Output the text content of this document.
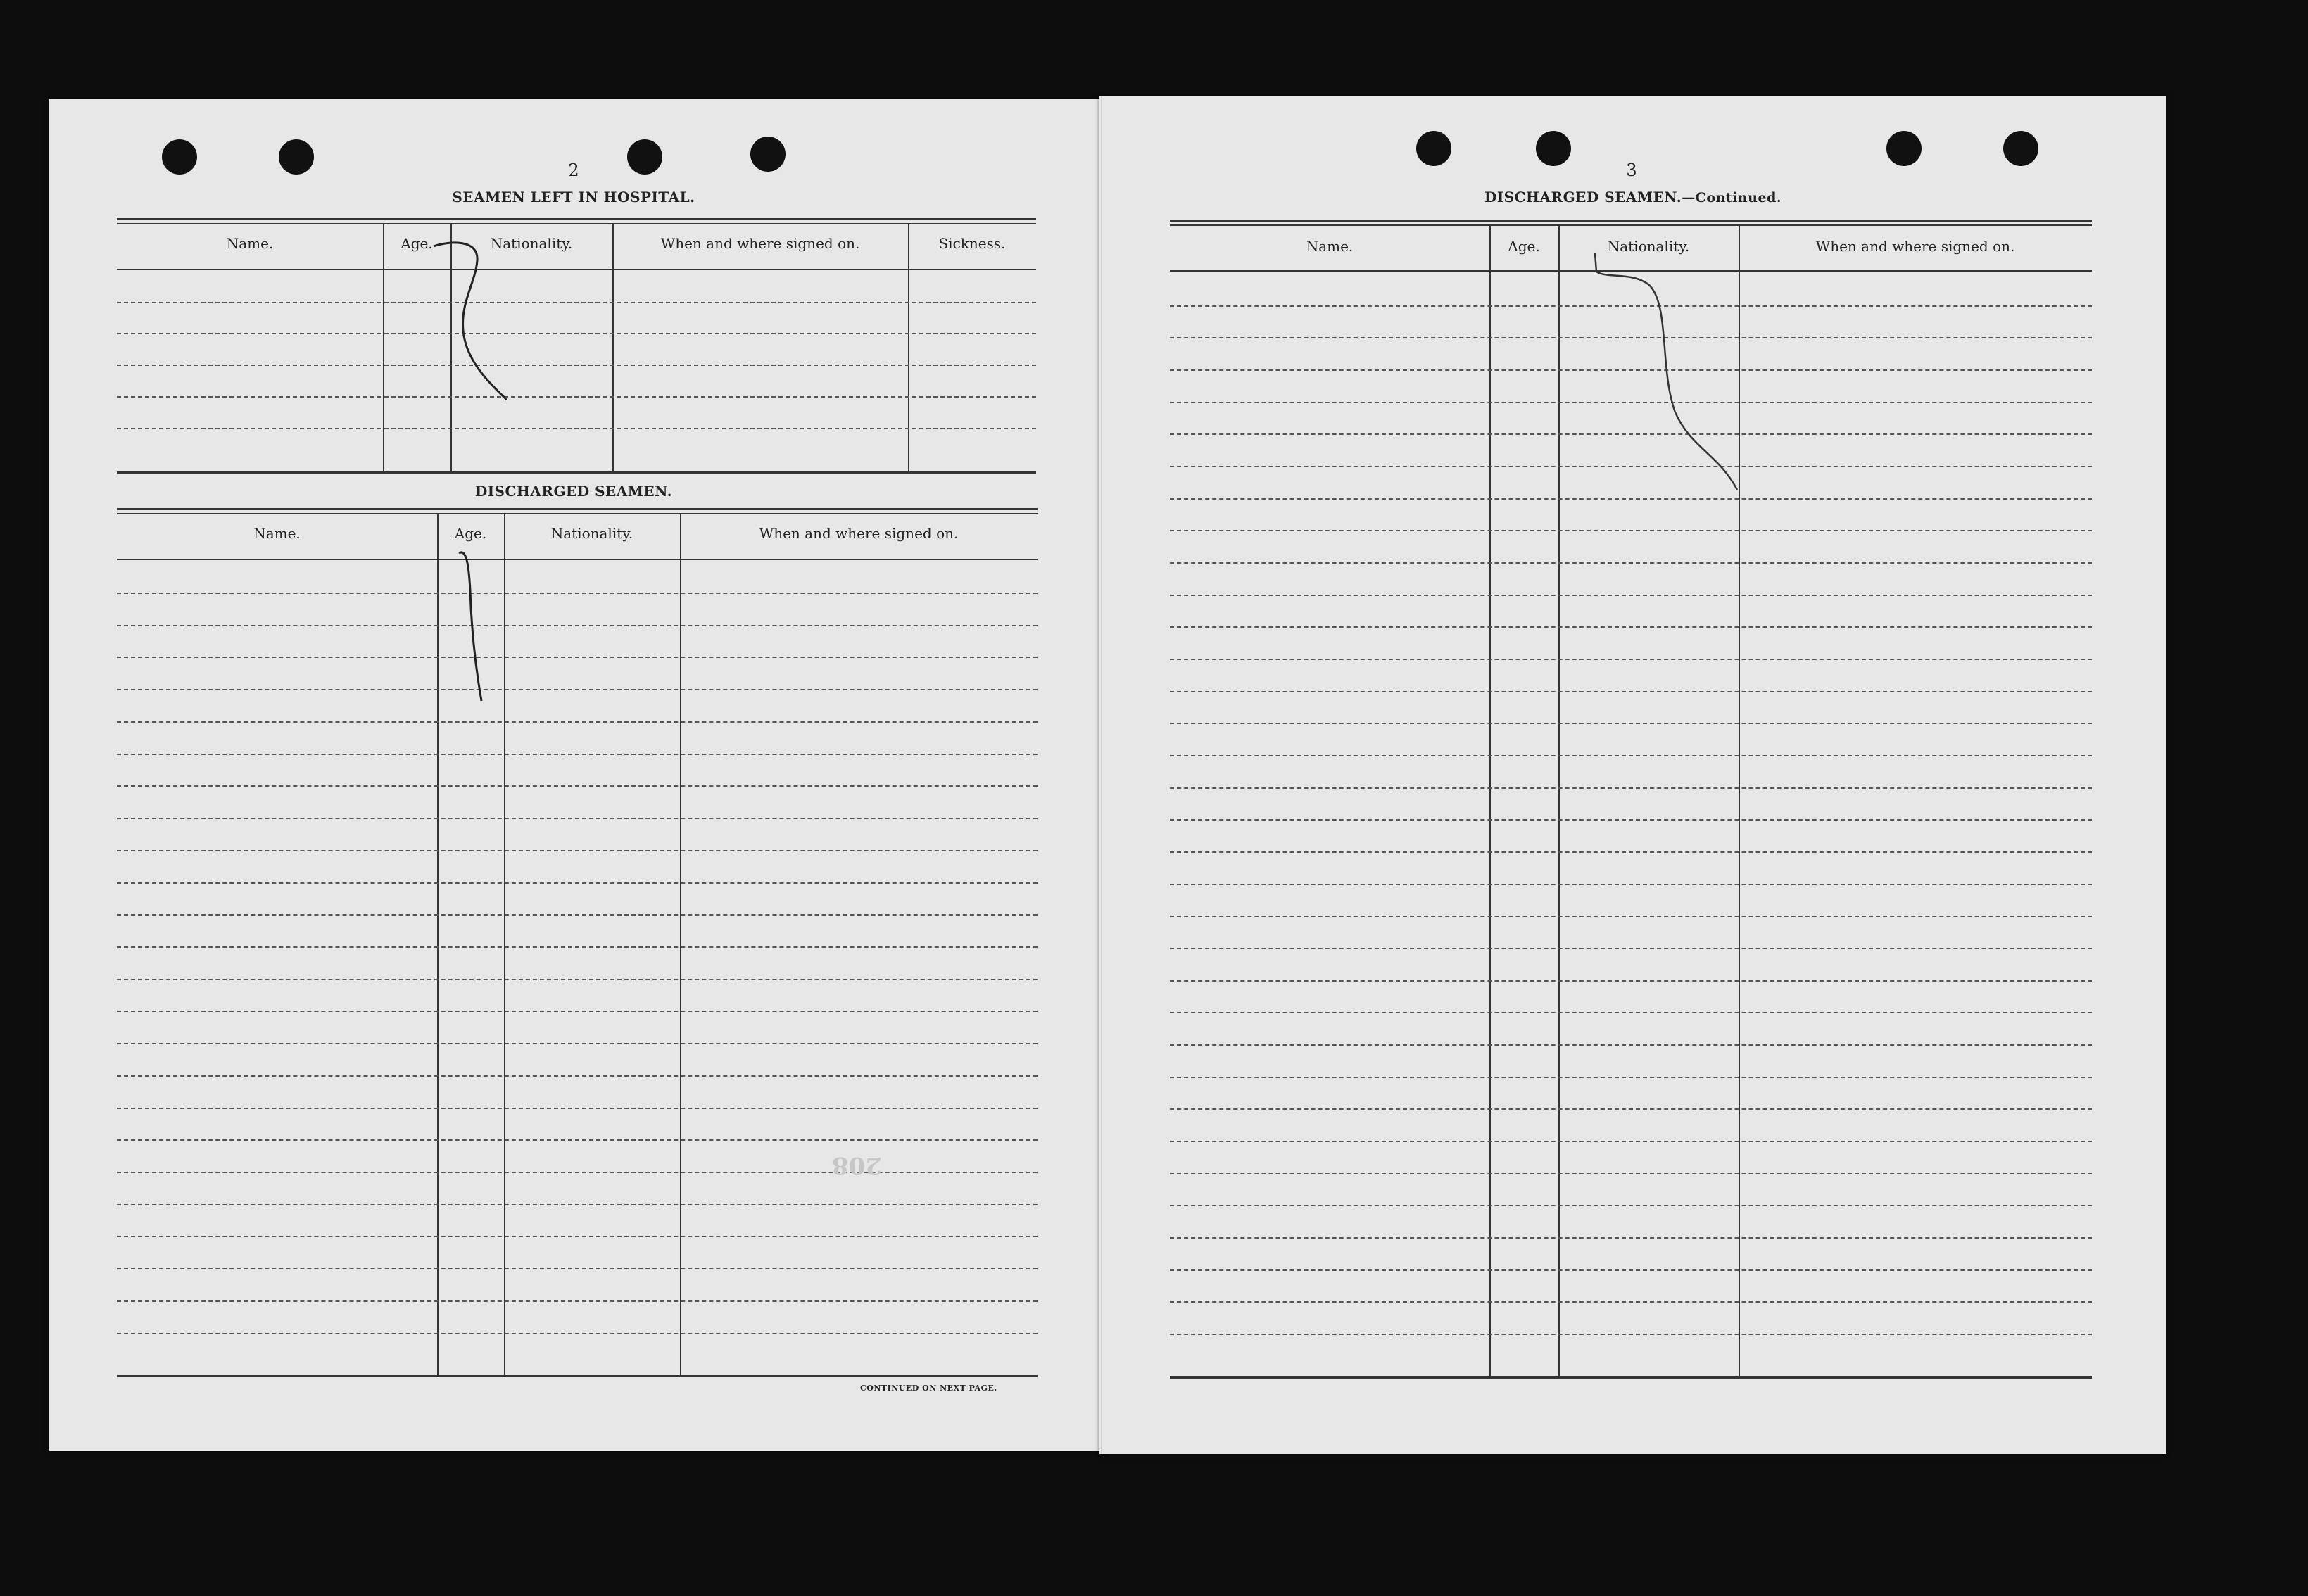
2
SEAMEN LEFT IN HOSPITAL.
Name.	Age.	Nationality.	When and where signed on.	Sickness.
DISCHARGED SEAMEN.
Name.	Age.	Nationality.	When and where signed on.
CONTINUED ON NEXT PAGE.
208
3
DISCHARGED SEAMEN.—Continued.
Name.	Age.	Nationality.	When and where signed on.
